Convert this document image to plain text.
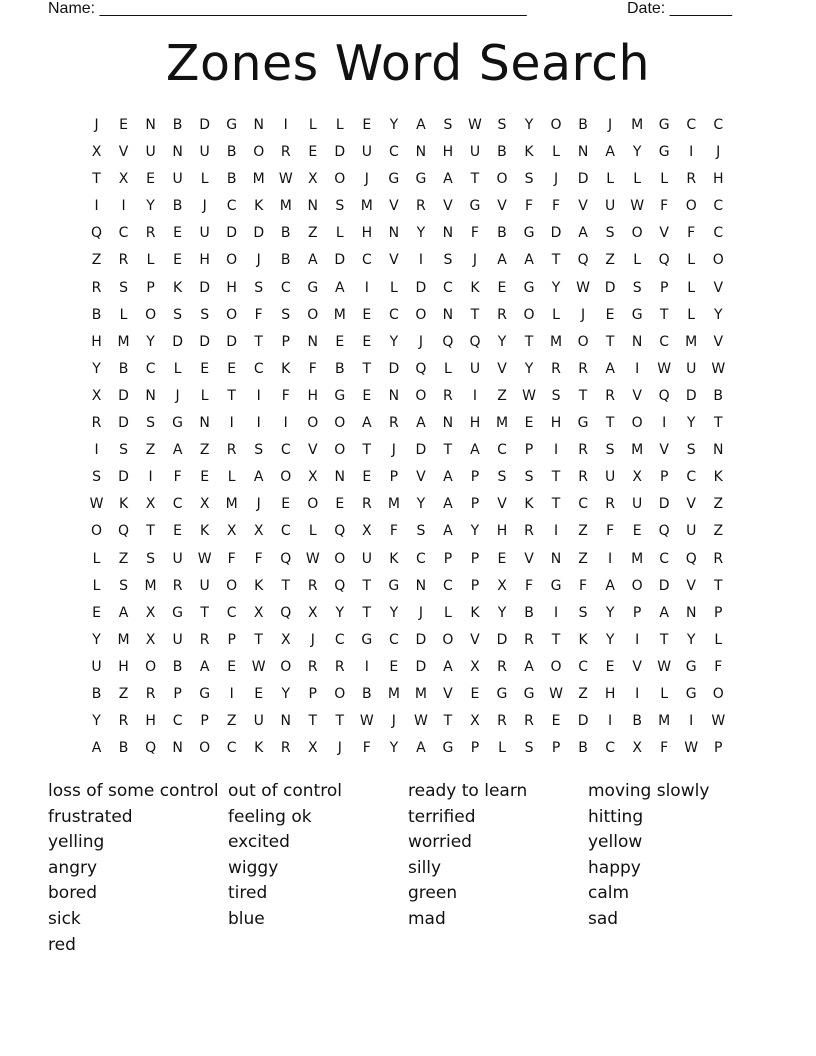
Name: ________________________________________________	Date: _______
Zones Word Search
J	E	N	B	D	G	N	I	L	L	E	Y	A	S	W	S	Y	O	B	J	M	G	C	C
X	V	U	N	U	B	O	R	E	D	U	C	N	H	U	B	K	L	N	A	Y	G	I	J
T	X	E	U	L	B	M	W	X	O	J	G	G	A	T	O	S	J	D	L	L	L	R	H
I	I	Y	B	J	C	K	M	N	S	M	V	R	V	G	V	F	F	V	U	W	F	O	C
Q	C	R	E	U	D	D	B	Z	L	H	N	Y	N	F	B	G	D	A	S	O	V	F	C
Z	R	L	E	H	O	J	B	A	D	C	V	I	S	J	A	A	T	Q	Z	L	Q	L	O
R	S	P	K	D	H	S	C	G	A	I	L	D	C	K	E	G	Y	W	D	S	P	L	V
B	L	O	S	S	O	F	S	O	M	E	C	O	N	T	R	O	L	J	E	G	T	L	Y
H	M	Y	D	D	D	T	P	N	E	E	Y	J	Q	Q	Y	T	M	O	T	N	C	M	V
Y	B	C	L	E	E	C	K	F	B	T	D	Q	L	U	V	Y	R	R	A	I	W	U	W
X	D	N	J	L	T	I	F	H	G	E	N	O	R	I	Z	W	S	T	R	V	Q	D	B
R	D	S	G	N	I	I	I	O	O	A	R	A	N	H	M	E	H	G	T	O	I	Y	T
I	S	Z	A	Z	R	S	C	V	O	T	J	D	T	A	C	P	I	R	S	M	V	S	N
S	D	I	F	E	L	A	O	X	N	E	P	V	A	P	S	S	T	R	U	X	P	C	K
W	K	X	C	X	M	J	E	O	E	R	M	Y	A	P	V	K	T	C	R	U	D	V	Z
O	Q	T	E	K	X	X	C	L	Q	X	F	S	A	Y	H	R	I	Z	F	E	Q	U	Z
L	Z	S	U	W	F	F	Q	W	O	U	K	C	P	P	E	V	N	Z	I	M	C	Q	R
L	S	M	R	U	O	K	T	R	Q	T	G	N	C	P	X	F	G	F	A	O	D	V	T
E	A	X	G	T	C	X	Q	X	Y	T	Y	J	L	K	Y	B	I	S	Y	P	A	N	P
Y	M	X	U	R	P	T	X	J	C	G	C	D	O	V	D	R	T	K	Y	I	T	Y	L
U	H	O	B	A	E	W	O	R	R	I	E	D	A	X	R	A	O	C	E	V	W	G	F
B	Z	R	P	G	I	E	Y	P	O	B	M	M	V	E	G	G	W	Z	H	I	L	G	O
Y	R	H	C	P	Z	U	N	T	T	W	J	W	T	X	R	R	E	D	I	B	M	I	W
A	B	Q	N	O	C	K	R	X	J	F	Y	A	G	P	L	S	P	B	C	X	F	W	P
loss of some control
frustrated
yelling
angry
bored
sick
red
out of control
feeling ok
excited
wiggy
tired
blue
ready to learn
terrified
worried
silly
green
mad
moving slowly
hitting
yellow
happy
calm
sad
